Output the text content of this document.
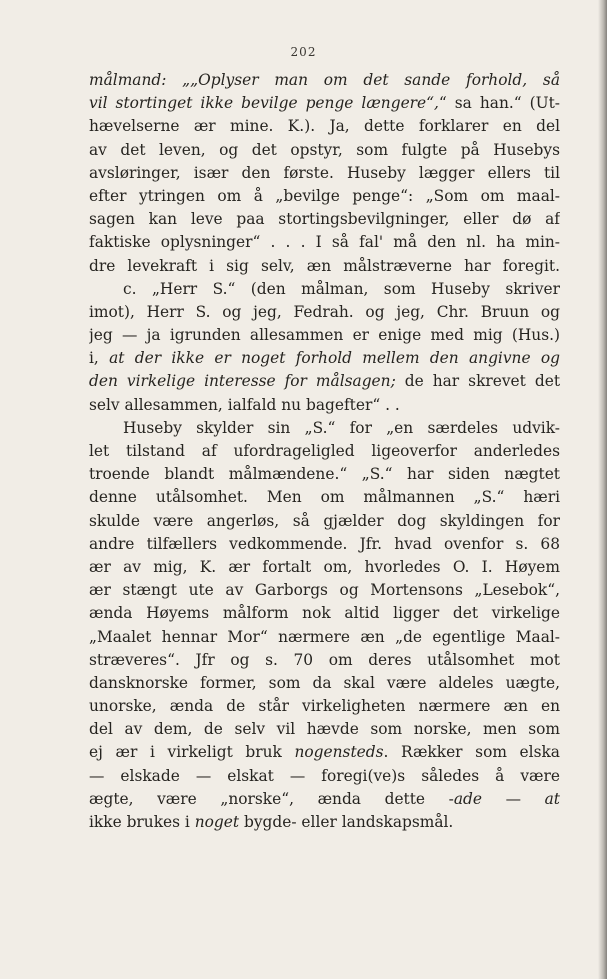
202
målmand: „„Oplyser man om det sande forhold, så
vil stortinget ikke bevilge penge længere“,“ sa han.“ (Ut-
hævelserne ær mine. K.). Ja, dette forklarer en del
av det leven, og det opstyr, som fulgte på Husebys
avsløringer, især den første. Huseby lægger ellers til
efter ytringen om å „bevilge penge“: „Som om maal-
sagen kan leve paa stortingsbevilgninger, eller dø af
faktiske oplysninger“ . . . I så fal' må den nl. ha min-
dre levekraft i sig selv, æn målstræverne har foregit.
c. „Herr S.“ (den målman, som Huseby skriver
imot), Herr S. og jeg, Fedrah. og jeg, Chr. Bruun og
jeg — ja igrunden allesammen er enige med mig (Hus.)
i, at der ikke er noget forhold mellem den angivne og
den virkelige interesse for målsagen; de har skrevet det
selv allesammen, ialfald nu bagefter“ . .
Huseby skylder sin „S.“ for „en særdeles udvik-
let tilstand af ufordrageligled ligeoverfor anderledes
troende blandt målmændene.“ „S.“ har siden nægtet
denne utålsomhet. Men om målmannen „S.“ hæri
skulde være angerløs, så gjælder dog skyldingen for
andre tilfællers vedkommende. Jfr. hvad ovenfor s. 68
ær av mig, K. ær fortalt om, hvorledes O. I. Høyem
ær stængt ute av Garborgs og Mortensons „Lesebok“,
ænda Høyems målform nok altid ligger det virkelige
„Maalet hennar Mor“ nærmere æn „de egentlige Maal-
stræveres“. Jfr og s. 70 om deres utålsomhet mot
dansknorske former, som da skal være aldeles uægte,
unorske, ænda de står virkeligheten nærmere æn en
del av dem, de selv vil hævde som norske, men som
ej ær i virkeligt bruk nogensteds. Rækker som elska
— elskade — elskat — foregi(ve)s således å være
ægte, være „norske“, ænda dette -ade — at
ikke brukes i noget bygde- eller landskapsmål.
